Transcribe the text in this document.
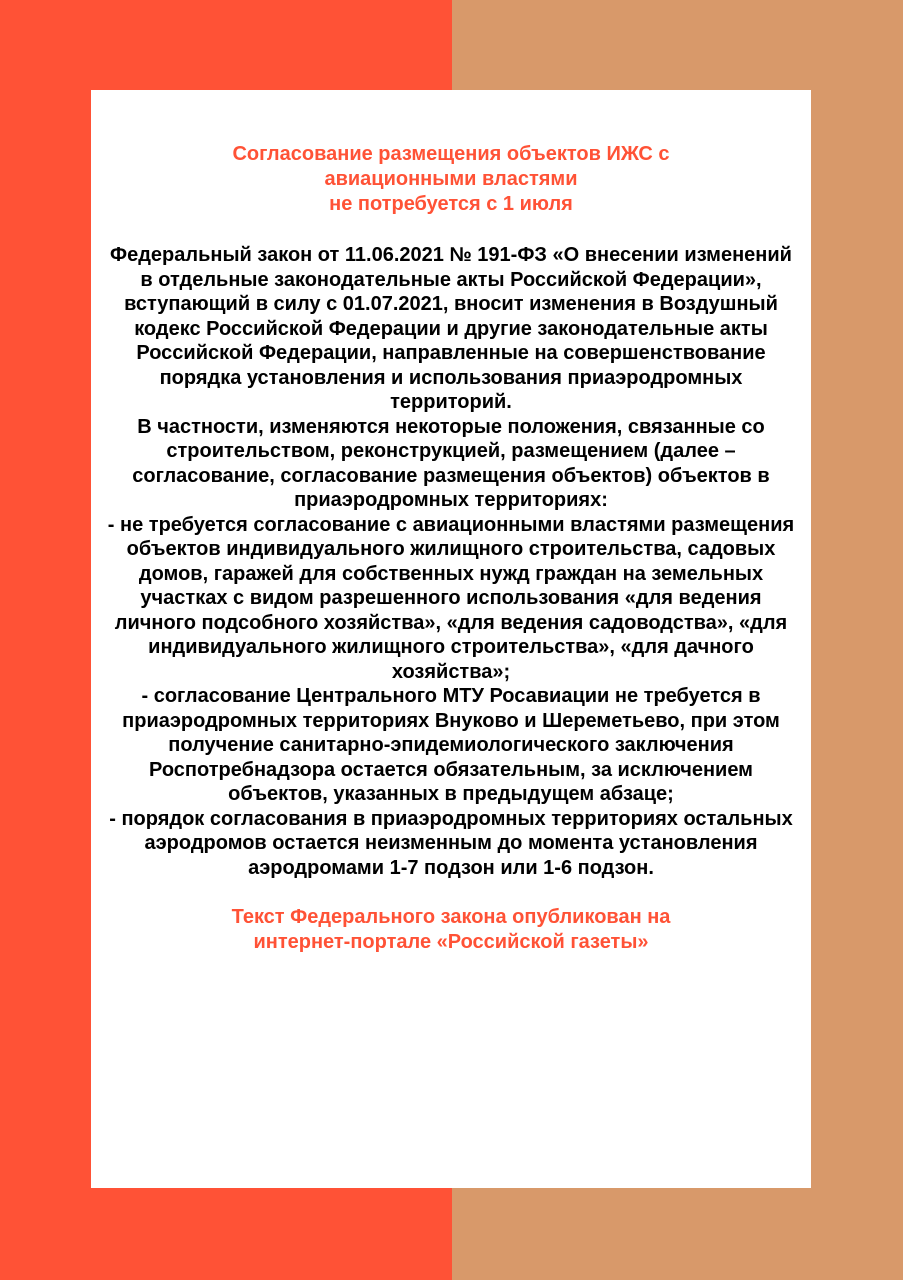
Согласование размещения объектов ИЖС с
авиационными властями
не потребуется с 1 июля

Федеральный закон от 11.06.2021 № 191-ФЗ «О внесении изменений в отдельные законодательные акты Российской Федерации», вступающий в силу с 01.07.2021, вносит изменения в Воздушный кодекс Российской Федерации и другие законодательные акты Российской Федерации, направленные на совершенствование порядка установления и использования приаэродромных территорий.

В частности, изменяются некоторые положения, связанные со строительством, реконструкцией, размещением (далее – согласование, согласование размещения объектов) объектов в приаэродромных территориях:

- не требуется согласование с авиационными властями размещения объектов индивидуального жилищного строительства, садовых домов, гаражей для собственных нужд граждан на земельных участках с видом разрешенного использования «для ведения личного подсобного хозяйства», «для ведения садоводства», «для индивидуального жилищного строительства», «для дачного хозяйства»;

- согласование Центрального МТУ Росавиации не требуется в приаэродромных территориях Внуково и Шереметьево, при этом получение санитарно-эпидемиологического заключения Роспотребнадзора остается обязательным, за исключением объектов, указанных в предыдущем абзаце;

- порядок согласования в приаэродромных территориях остальных аэродромов остается неизменным до момента установления аэродромами 1-7 подзон или 1-6 подзон.

Текст Федерального закона опубликован на
интернет-портале «Российской газеты»
